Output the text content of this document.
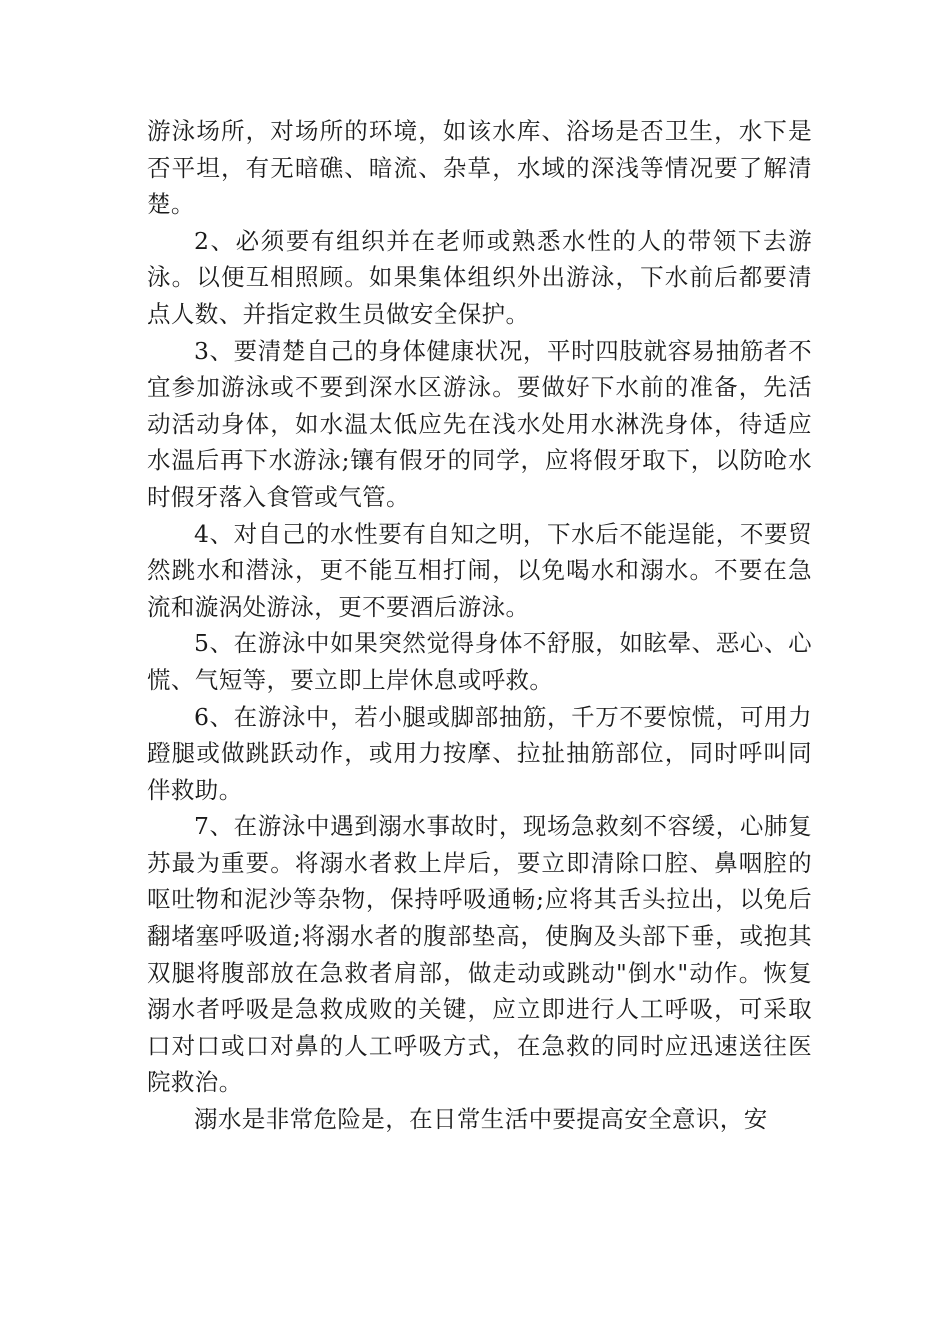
游泳场所，对场所的环境，如该水库、浴场是否卫生，水下是否平坦，有无暗礁、暗流、杂草，水域的深浅等情况要了解清楚。

2、必须要有组织并在老师或熟悉水性的人的带领下去游泳。以便互相照顾。如果集体组织外出游泳，下水前后都要清点人数、并指定救生员做安全保护。

3、要清楚自己的身体健康状况，平时四肢就容易抽筋者不宜参加游泳或不要到深水区游泳。要做好下水前的准备，先活动活动身体，如水温太低应先在浅水处用水淋洗身体，待适应水温后再下水游泳;镶有假牙的同学，应将假牙取下，以防呛水时假牙落入食管或气管。

4、对自己的水性要有自知之明，下水后不能逞能，不要贸然跳水和潜泳，更不能互相打闹，以免喝水和溺水。不要在急流和漩涡处游泳，更不要酒后游泳。

5、在游泳中如果突然觉得身体不舒服，如眩晕、恶心、心慌、气短等，要立即上岸休息或呼救。

6、在游泳中，若小腿或脚部抽筋，千万不要惊慌，可用力蹬腿或做跳跃动作，或用力按摩、拉扯抽筋部位，同时呼叫同伴救助。

7、在游泳中遇到溺水事故时，现场急救刻不容缓，心肺复苏最为重要。将溺水者救上岸后，要立即清除口腔、鼻咽腔的呕吐物和泥沙等杂物，保持呼吸通畅;应将其舌头拉出，以免后翻堵塞呼吸道;将溺水者的腹部垫高，使胸及头部下垂，或抱其双腿将腹部放在急救者肩部，做走动或跳动"倒水"动作。恢复溺水者呼吸是急救成败的关键，应立即进行人工呼吸，可采取口对口或口对鼻的人工呼吸方式，在急救的同时应迅速送往医院救治。

溺水是非常危险是，在日常生活中要提高安全意识，安
